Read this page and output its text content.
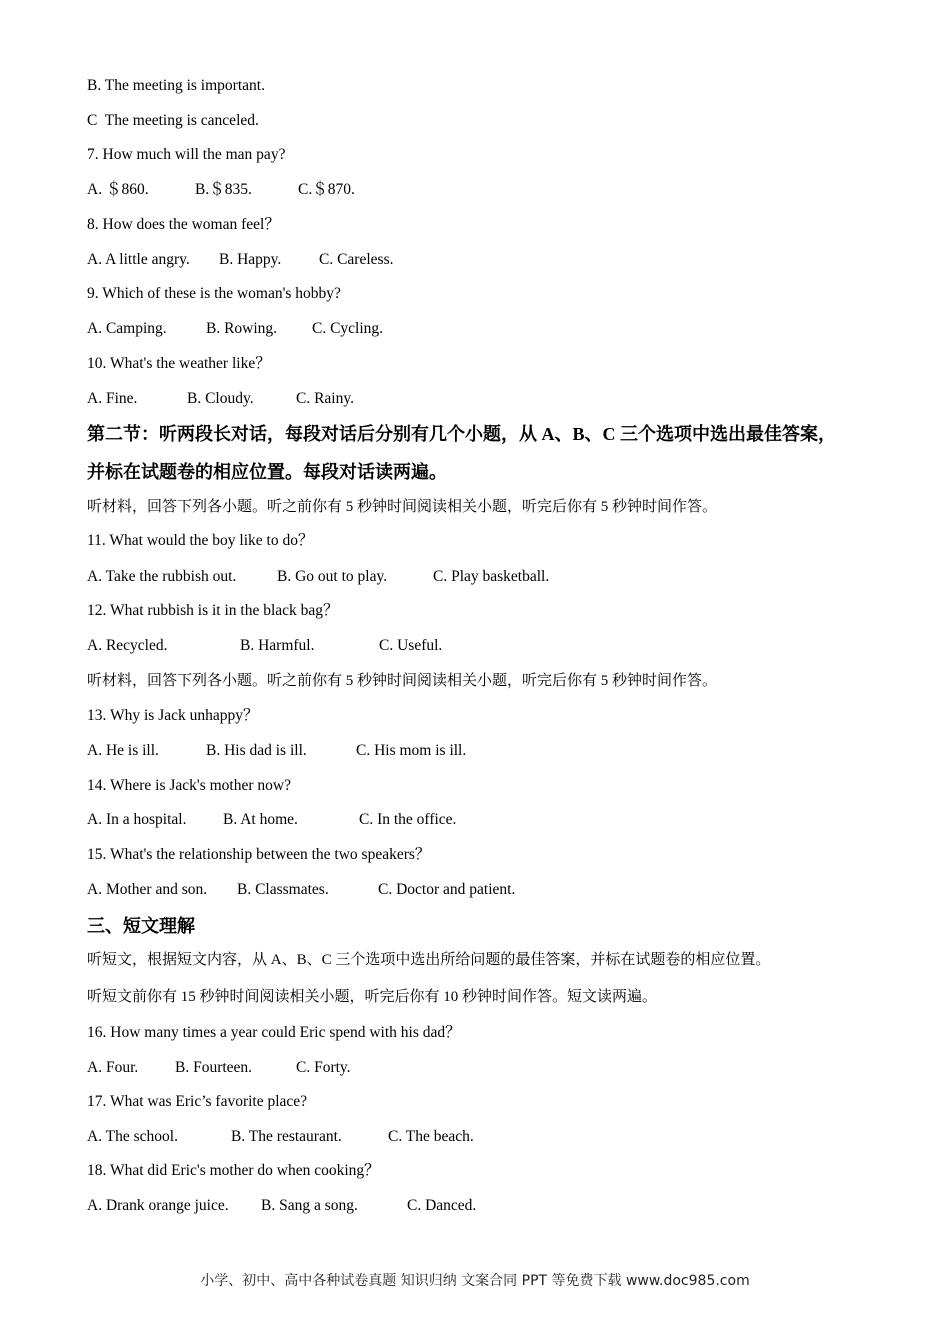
B. The meeting is important.
C  The meeting is canceled.
7. How much will the man pay?
A. ＄860.	B.＄835.	C.＄870.
8. How does the woman feel？
A. A little angry. B. Happy. C. Careless.
9. Which of these is the woman's hobby?
A. Camping.	B. Rowing. C. Cycling.
10. What's the weather like？
A. Fine.	B. Cloudy.	C. Rainy.
第二节：听两段长对话，每段对话后分别有几个小题，从 A、B、C 三个选项中选出最佳答案，
并标在试题卷的相应位置。每段对话读两遍。
听材料，回答下列各小题。听之前你有 5 秒钟时间阅读相关小题，听完后你有 5 秒钟时间作答。
11. What would the boy like to do？
A. Take the rubbish out.	B. Go out to play.	C. Play basketball.
12. What rubbish is it in the black bag？
A. Recycled.	B. Harmful.	C. Useful.
听材料，回答下列各小题。听之前你有 5 秒钟时间阅读相关小题，听完后你有 5 秒钟时间作答。
13. Why is Jack unhappy？
A. He is ill.	B. His dad is ill.	C. His mom is ill.
14. Where is Jack's mother now?
A. In a hospital. B. At home.	C. In the office.
15. What's the relationship between the two speakers？
A. Mother and son. B. Classmates.	C. Doctor and patient.
三、短文理解
听短文，根据短文内容，从 A、B、C 三个选项中选出所给问题的最佳答案，并标在试题卷的相应位置。
听短文前你有 15 秒钟时间阅读相关小题，听完后你有 10 秒钟时间作答。短文读两遍。
16. How many times a year could Eric spend with his dad？
A. Four. B. Fourteen.	C. Forty.
17. What was Eric’s favorite place?
A. The school.	B. The restaurant.	C. The beach.
18. What did Eric's mother do when cooking？
A. Drank orange juice. B. Sang a song.	C. Danced.
小学、初中、高中各种试卷真题 知识归纳 文案合同 PPT 等免费下载 www.doc985.com
